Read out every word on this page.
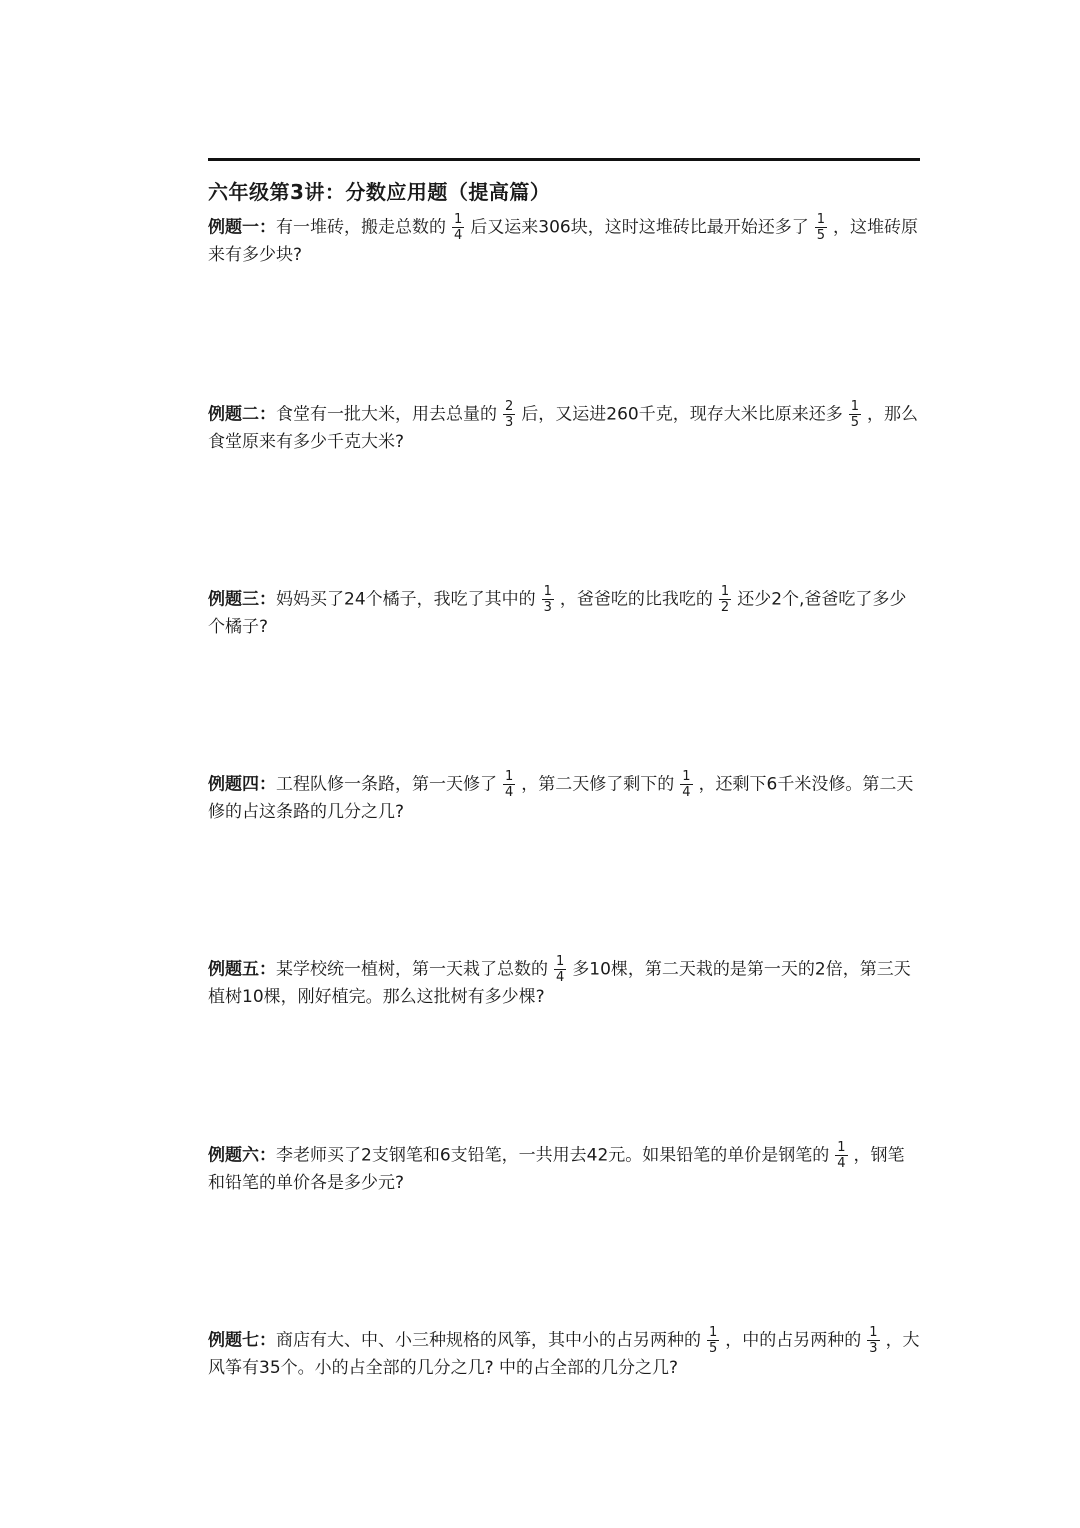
六年级第3讲：分数应用题（提高篇）
例题一：有一堆砖，搬走总数的 $\frac{1}{4}$ 后又运来306块，这时这堆砖比最开始还多了 $\frac{1}{5}$ ，这堆砖原来有多少块?
例题二：食堂有一批大米，用去总量的 $\frac{2}{3}$ 后，又运进260千克，现存大米比原来还多 $\frac{1}{5}$ ，那么食堂原来有多少千克大米?
例题三：妈妈买了24个橘子，我吃了其中的 $\frac{1}{3}$ ，爸爸吃的比我吃的 $\frac{1}{2}$ 还少2个,爸爸吃了多少个橘子?
例题四：工程队修一条路，第一天修了 $\frac{1}{4}$ ，第二天修了剩下的 $\frac{1}{4}$ ，还剩下6千米没修。第二天修的占这条路的几分之几?
例题五：某学校统一植树，第一天栽了总数的 $\frac{1}{4}$ 多10棵，第二天栽的是第一天的2倍，第三天植树10棵，刚好植完。那么这批树有多少棵?
例题六：李老师买了2支钢笔和6支铅笔，一共用去42元。如果铅笔的单价是钢笔的 $\frac{1}{4}$ ，钢笔和铅笔的单价各是多少元?
例题七：商店有大、中、小三种规格的风筝，其中小的占另两种的 $\frac{1}{5}$ ，中的占另两种的 $\frac{1}{3}$ ，大风筝有35个。小的占全部的几分之几? 中的占全部的几分之几?
